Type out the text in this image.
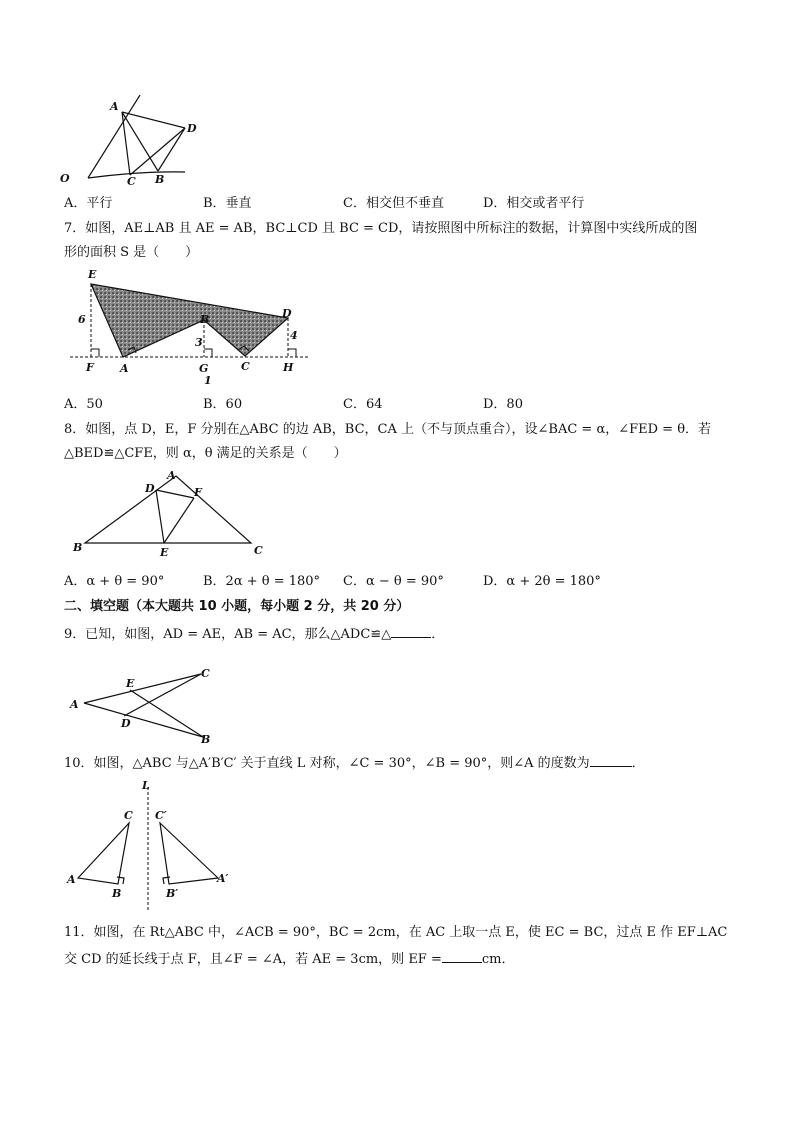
A
D
O	C B
A．平行	B．垂直	C．相交但不垂直	D．相交或者平行
7．如图，AE⊥AB 且 AE = AB，BC⊥CD 且 BC = CD，请按照图中所标注的数据，计算图中实线所成的图
形的面积 S 是（　　）
E
B	D
F A	G	C	H
6
3
4
1
A．50	B．60	C．64	D．80
8．如图，点 D，E，F 分别在△ABC 的边 AB，BC，CA 上（不与顶点重合），设∠BAC = α，∠FED = θ．若
△BED≌△CFE，则 α，θ 满足的关系是（　　）
A
D	F
B	E	C
A．α + θ = 90°	B．2α + θ = 180° C．α − θ = 90°	D．α + 2θ = 180°
二、填空题（本大题共 10 小题，每小题 2 分，共 20 分）
9．已知，如图，AD = AE，AB = AC，那么△ADC≌△	．
A
E
C
D
B
10．如图，△ABC 与△A′B′C′ 关于直线 L 对称，∠C = 30°，∠B = 90°，则∠A 的度数为	．
L
C C′
A
B	B′
A′
11．如图，在 Rt△ABC 中，∠ACB = 90°，BC = 2cm，在 AC 上取一点 E，使 EC = BC，过点 E 作 EF⊥AC
交 CD 的延长线于点 F，且∠F = ∠A，若 AE = 3cm，则 EF =	cm．
